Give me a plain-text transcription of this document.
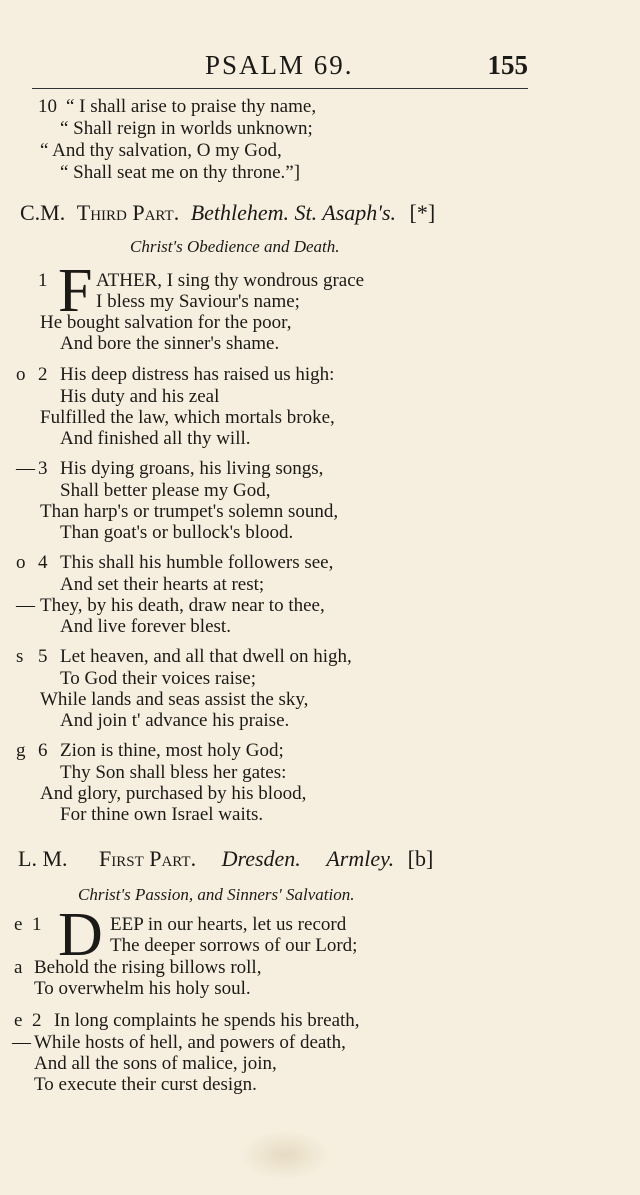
PSALM 69.	155
10 “ I shall arise to praise thy name,
“ Shall reign in worlds unknown;
“ And thy salvation, O my God,
“ Shall seat me on thy throne.”]
C.M. Third Part. Bethlehem. St. Asaph's. [*]
Christ's Obedience and Death.
1 F ATHER, I sing thy wondrous grace
I bless my Saviour's name;
He bought salvation for the poor,
And bore the sinner's shame.
o 2 His deep distress has raised us high:
His duty and his zeal
Fulfilled the law, which mortals broke,
And finished all thy will.
— 3 His dying groans, his living songs,
Shall better please my God,
Than harp's or trumpet's solemn sound,
Than goat's or bullock's blood.
o 4 This shall his humble followers see,
And set their hearts at rest;
— They, by his death, draw near to thee,
And live forever blest.
s 5 Let heaven, and all that dwell on high,
To God their voices raise;
While lands and seas assist the sky,
And join t' advance his praise.
g 6 Zion is thine, most holy God;
Thy Son shall bless her gates:
And glory, purchased by his blood,
For thine own Israel waits.
L. M. First Part. Dresden. Armley. [b]
Christ's Passion, and Sinners' Salvation.
e 1 D EEP in our hearts, let us record
The deeper sorrows of our Lord;
a Behold the rising billows roll,
To overwhelm his holy soul.
e 2 In long complaints he spends his breath,
— While hosts of hell, and powers of death,
And all the sons of malice, join,
To execute their curst design.
